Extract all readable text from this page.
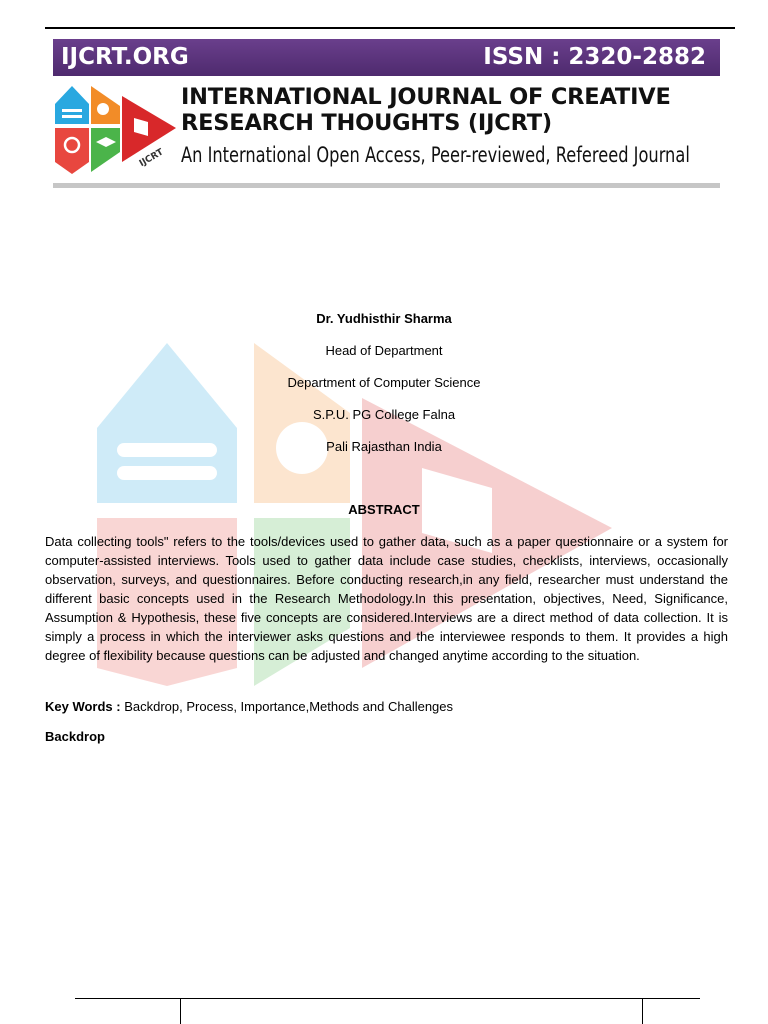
IJCRT.ORG	ISSN : 2320-2882
IJCRT
INTERNATIONAL JOURNAL OF CREATIVE
RESEARCH THOUGHTS (IJCRT)
An International Open Access, Peer-reviewed, Refereed Journal
Dr. Yudhisthir Sharma
Head of Department
Department of Computer Science
S.P.U. PG College Falna
Pali Rajasthan India
ABSTRACT
Data collecting tools" refers to the tools/devices used to gather data, such as a paper questionnaire or a system for computer-assisted interviews. Tools used to gather data include case studies, checklists, interviews, occasionally observation, surveys, and questionnaires. Before conducting research,in any field, researcher must understand the different basic concepts used in the Research Methodology.In this presentation, objectives, Need, Significance, Assumption & Hypothesis, these five concepts are considered.Interviews are a direct method of data collection. It is simply a process in which the interviewer asks questions and the interviewee responds to them. It provides a high degree of flexibility because questions can be adjusted and changed anytime according to the situation.
Key Words : Backdrop, Process, Importance,Methods and Challenges
Backdrop
